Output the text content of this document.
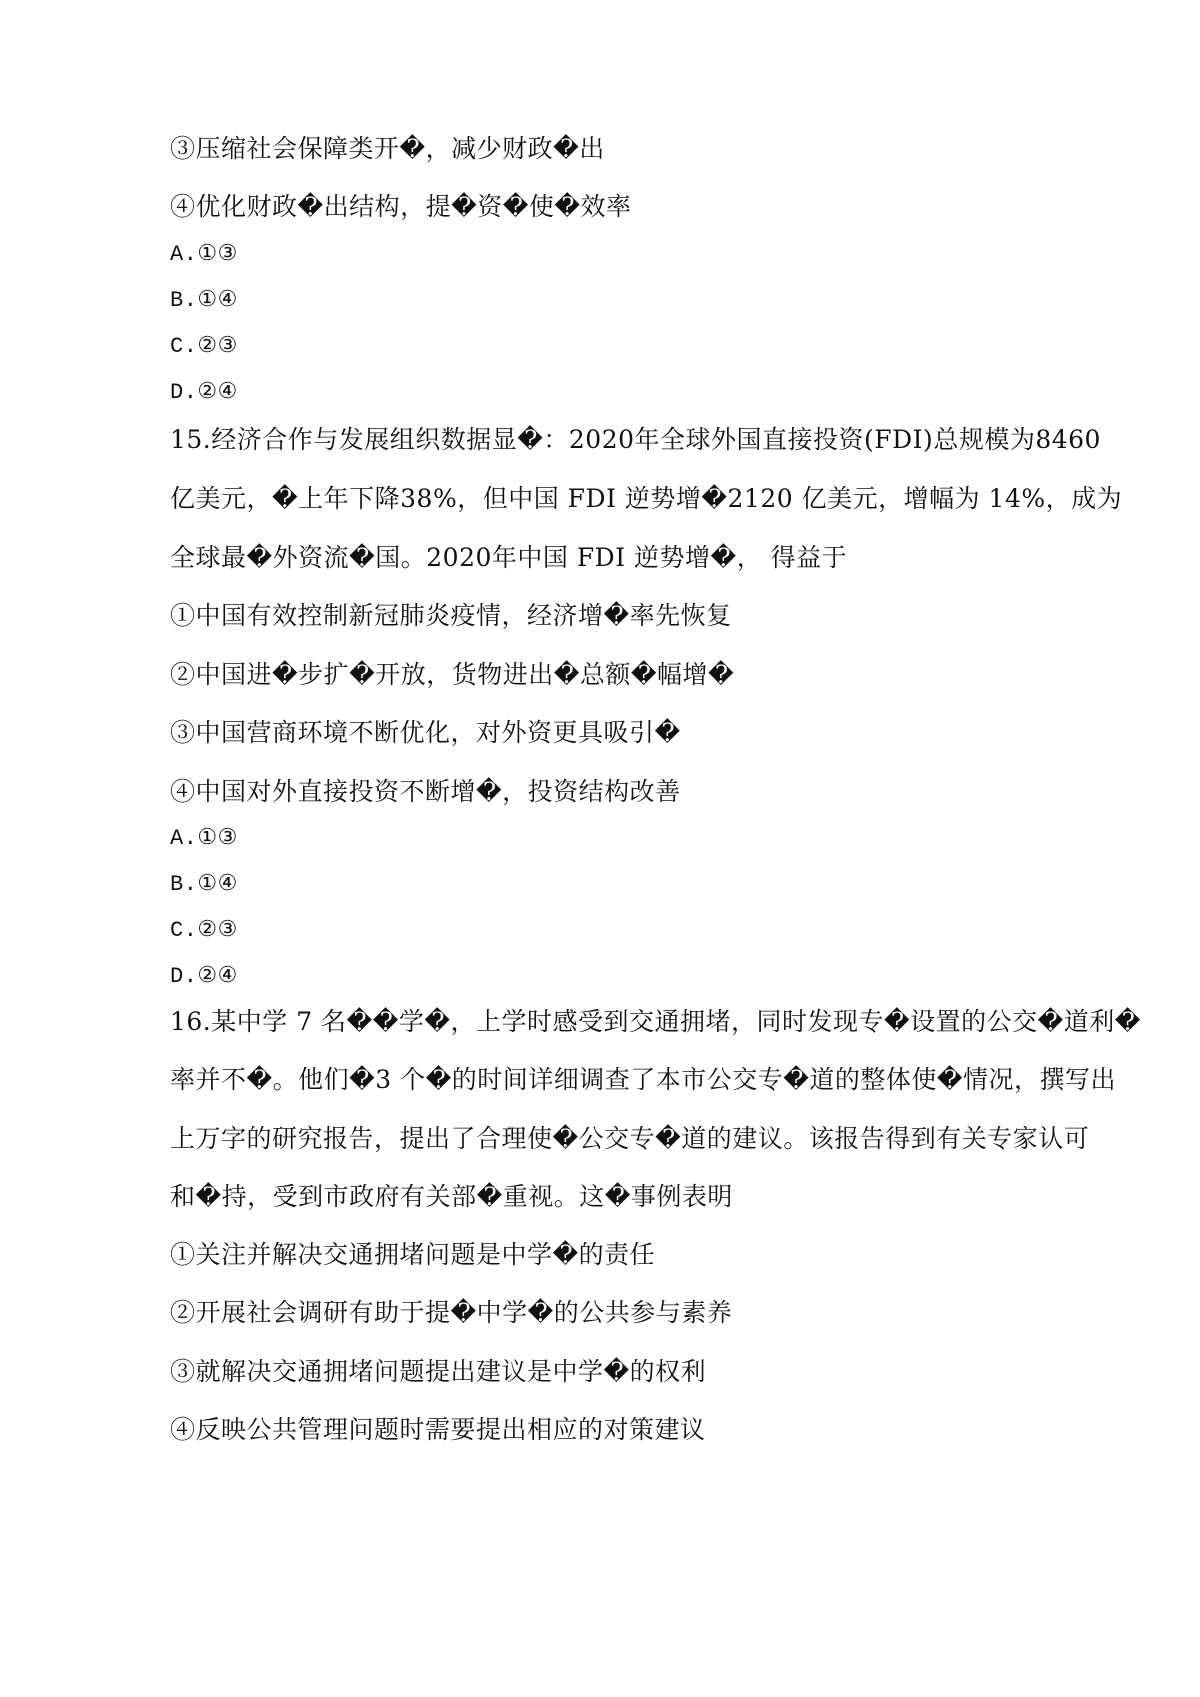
③压缩社会保障类开�，减少财政�出
④优化财政�出结构，提�资�使�效率
A.①③
B.①④
C.②③
D.②④
15.经济合作与发展组织数据显�：2020 年全球外国直接投资(FDI) 总规模为 8460
亿美元， �上年下降 38%， 但中国 FDI 逆势增�2120 亿美元， 增幅为 14%， 成为
全球最�外资流�国。2020年中国 FDI 逆势增�， 得益于
①中国有效控制新冠肺炎疫情，经济增�率先恢复
②中国进�步扩�开放，货物进出�总额�幅增�
③中国营商环境不断优化，对外资更具吸引�
④中国对外直接投资不断增�，投资结构改善
A.①③
B.①④
C.②③
D.②④
16.某中学 7 名��学�，上学时感受到交通拥堵，同时发现专�设置的公交�道利�
率并不�。他们�3 个�的时间详细调查了本市公交专�道的整体使�情况，撰写出
上万字的研究报告，提出了合理使�公交专�道的建议。该报告得到有关专家认可
和�持，受到市政府有关部�重视。这�事例表明
①关注并解决交通拥堵问题是中学�的责任
②开展社会调研有助于提�中学�的公共参与素养
③就解决交通拥堵问题提出建议是中学�的权利
④反映公共管理问题时需要提出相应的对策建议
